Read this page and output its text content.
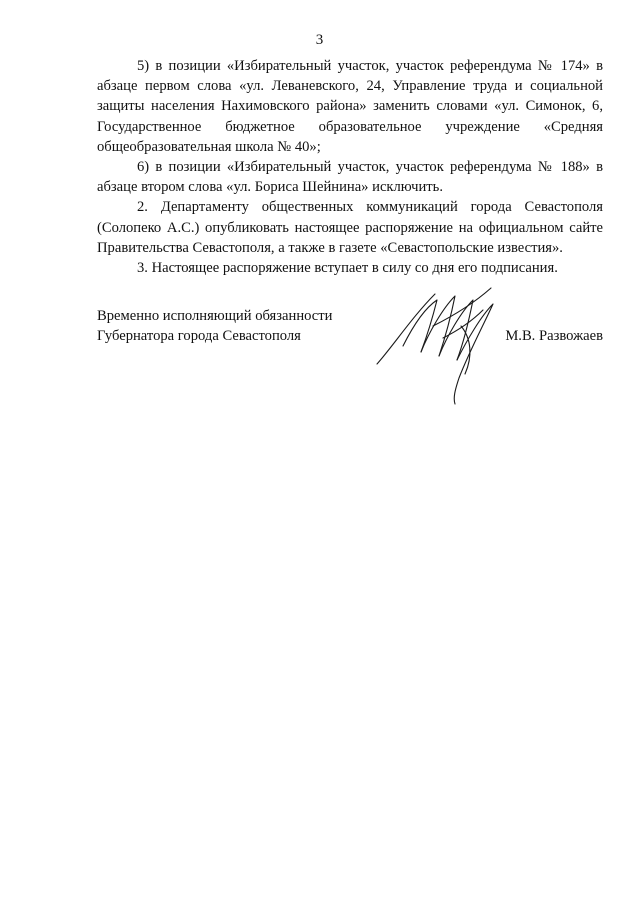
3

5) в позиции «Избирательный участок, участок референдума № 174» в абзаце первом слова «ул. Леваневского, 24, Управление труда и социальной защиты населения Нахимовского района» заменить словами «ул. Симонок, 6, Государственное бюджетное образовательное учреждение «Средняя общеобразовательная школа № 40»;

6) в позиции «Избирательный участок, участок референдума № 188» в абзаце втором слова «ул. Бориса Шейнина» исключить.

2. Департаменту общественных коммуникаций города Севастополя (Солопеко А.С.) опубликовать настоящее распоряжение на официальном сайте Правительства Севастополя, а также в газете «Севастопольские известия».

3. Настоящее распоряжение вступает в силу со дня его подписания.

Временно исполняющий обязанности
Губернатора города Севастополя	М.В. Развожаев
